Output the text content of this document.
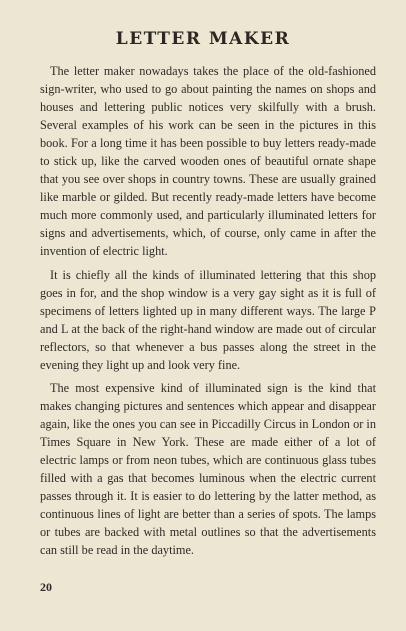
LETTER MAKER

The letter maker nowadays takes the place of the old-fashioned sign-writer, who used to go about painting the names on shops and houses and lettering public notices very skilfully with a brush. Several examples of his work can be seen in the pictures in this book. For a long time it has been possible to buy letters ready-made to stick up, like the carved wooden ones of beautiful ornate shape that you see over shops in country towns. These are usually grained like marble or gilded. But recently ready-made letters have become much more commonly used, and particularly illuminated letters for signs and advertisements, which, of course, only came in after the invention of electric light.

It is chiefly all the kinds of illuminated lettering that this shop goes in for, and the shop window is a very gay sight as it is full of specimens of letters lighted up in many different ways. The large P and L at the back of the right-hand window are made out of circular reflectors, so that whenever a bus passes along the street in the evening they light up and look very fine.

The most expensive kind of illuminated sign is the kind that makes changing pictures and sentences which appear and disappear again, like the ones you can see in Piccadilly Circus in London or in Times Square in New York. These are made either of a lot of electric lamps or from neon tubes, which are continuous glass tubes filled with a gas that becomes luminous when the electric current passes through it. It is easier to do lettering by the latter method, as continuous lines of light are better than a series of spots. The lamps or tubes are backed with metal outlines so that the advertisements can still be read in the daytime.

20
